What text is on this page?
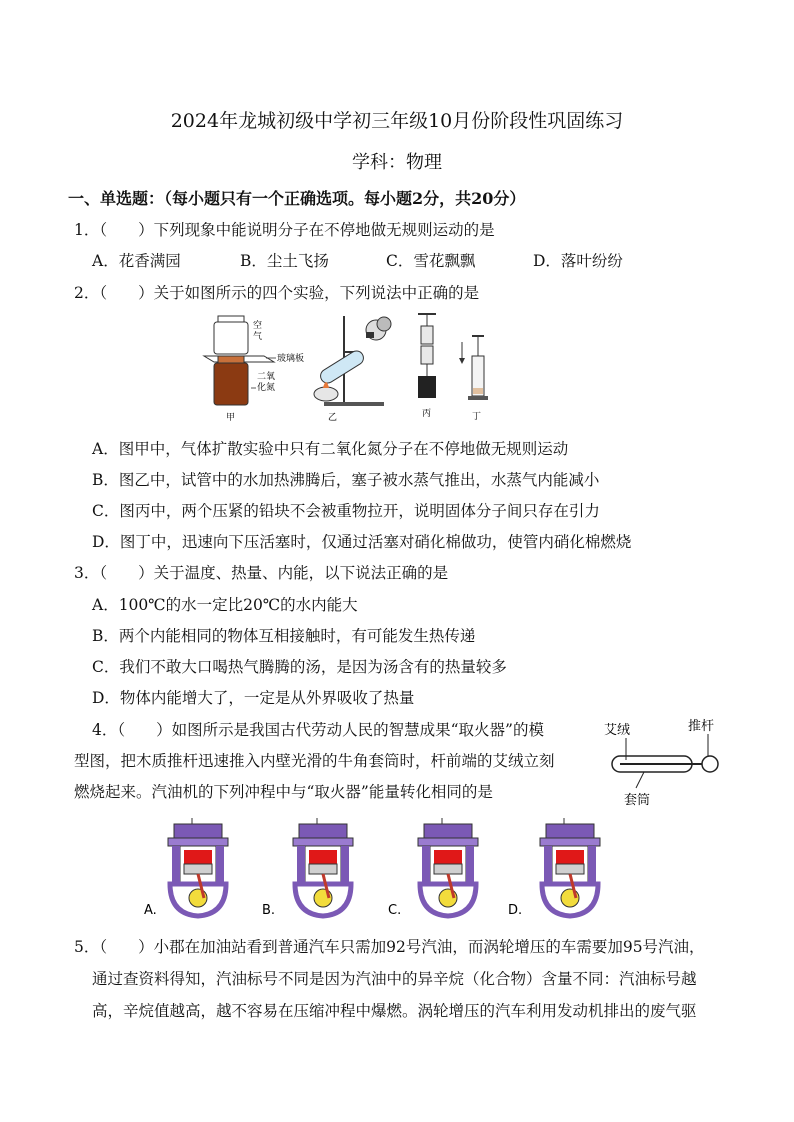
2024年龙城初级中学初三年级10月份阶段性巩固练习
学科：物理
一、单选题：（每小题只有一个正确选项。每小题2分，共20分）
1．（　　）下列现象中能说明分子在不停地做无规则运动的是
A．花香满园	B．尘土飞扬	C．雪花飘飘	D．落叶纷纷
2．（　　）关于如图所示的四个实验，下列说法中正确的是
空
气
玻璃板
二氧
化氮
甲	乙	丙	丁
A．图甲中，气体扩散实验中只有二氧化氮分子在不停地做无规则运动
B．图乙中，试管中的水加热沸腾后，塞子被水蒸气推出，水蒸气内能减小
C．图丙中，两个压紧的铅块不会被重物拉开，说明固体分子间只存在引力
D．图丁中，迅速向下压活塞时，仅通过活塞对硝化棉做功，使管内硝化棉燃烧
3．（　　）关于温度、热量、内能，以下说法正确的是
A．100℃的水一定比20℃的水内能大
B．两个内能相同的物体互相接触时，有可能发生热传递
C．我们不敢大口喝热气腾腾的汤，是因为汤含有的热量较多
D．物体内能增大了，一定是从外界吸收了热量
4．（　　）如图所示是我国古代劳动人民的智慧成果“取火器”的模
型图，把木质推杆迅速推入内壁光滑的牛角套筒时，杆前端的艾绒立刻
燃烧起来。汽油机的下列冲程中与“取火器”能量转化相同的是
艾绒	推杆
套筒
A.	B.	C.	D.
5．（　　）小郡在加油站看到普通汽车只需加92号汽油，而涡轮增压的车需要加95号汽油，
通过查资料得知，汽油标号不同是因为汽油中的异辛烷（化合物）含量不同：汽油标号越
高，辛烷值越高，越不容易在压缩冲程中爆燃。涡轮增压的汽车利用发动机排出的废气驱
